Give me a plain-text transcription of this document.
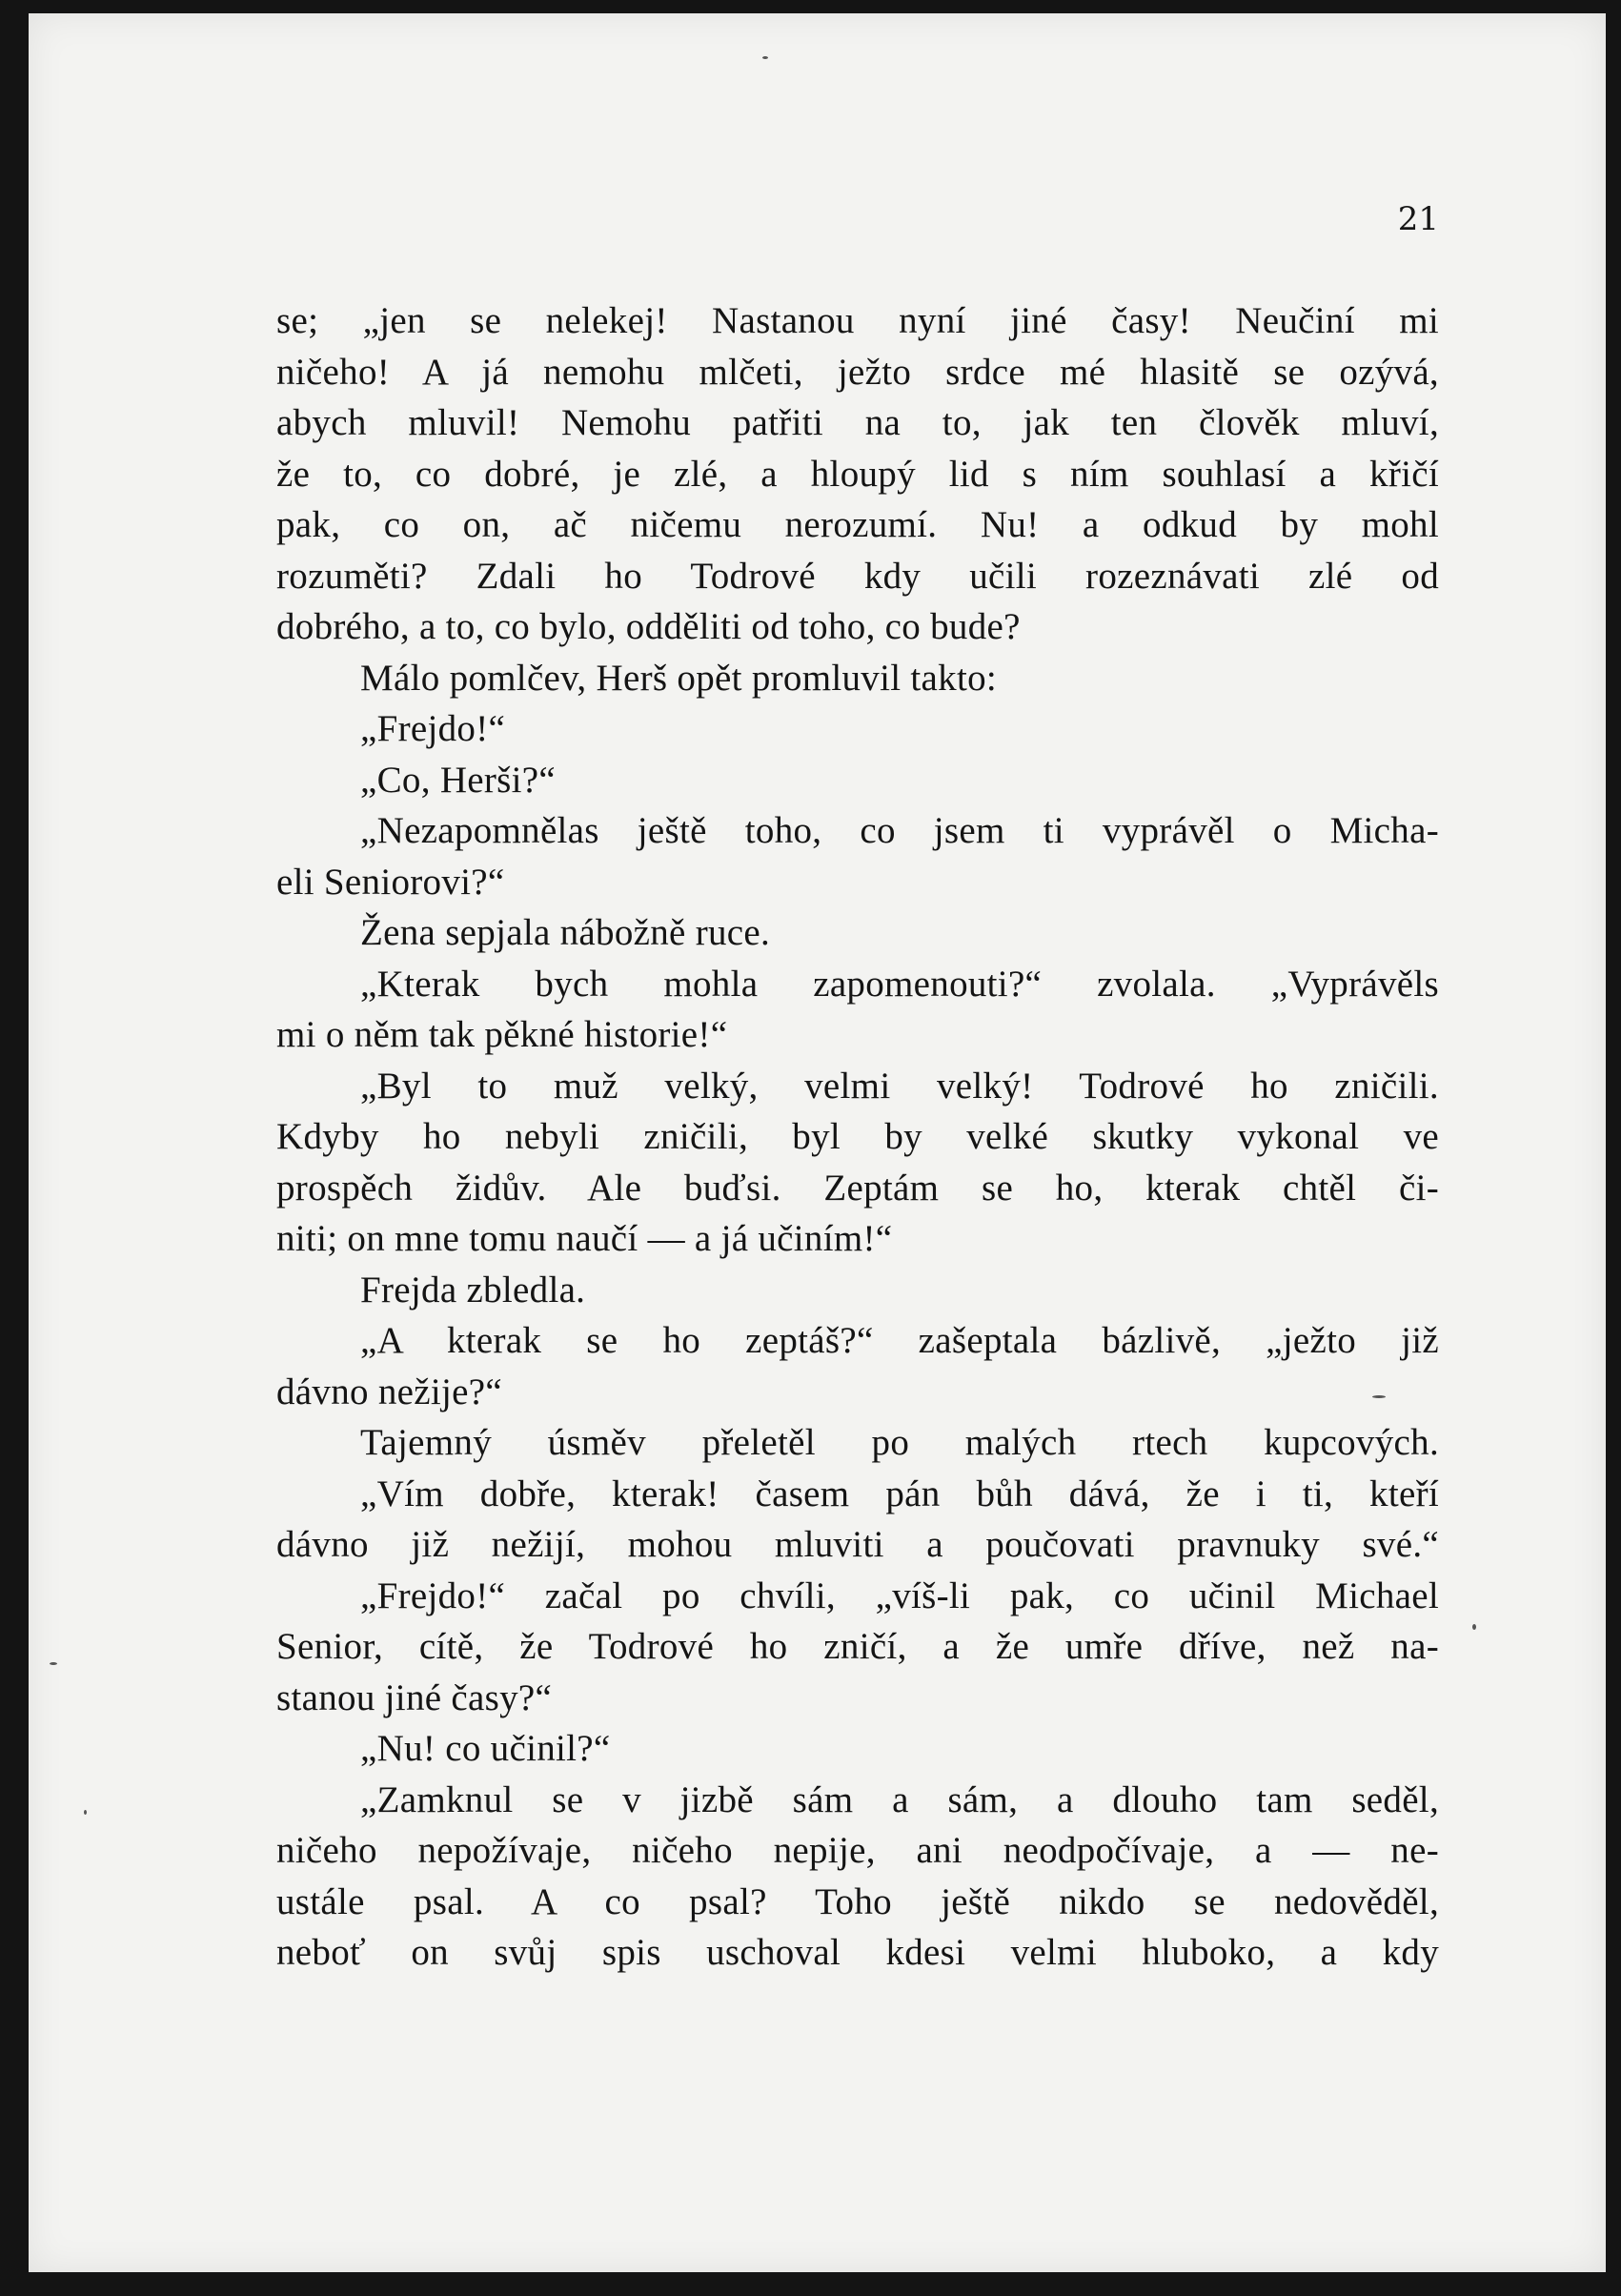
21
se; „jen se nelekej! Nastanou nyní jiné časy! Neučiní mi
ničeho! A já nemohu mlčeti, ježto srdce mé hlasitě se ozývá,
abych mluvil! Nemohu patřiti na to, jak ten člověk mluví,
že to, co dobré, je zlé, a hloupý lid s ním souhlasí a křičí
pak, co on, ač ničemu nerozumí. Nu! a odkud by mohl
rozuměti? Zdali ho Todrové kdy učili rozeznávati zlé od
dobrého, a to, co bylo, odděliti od toho, co bude?
Málo pomlčev, Herš opět promluvil takto:
„Frejdo!“
„Co, Herši?“
„Nezapomnělas ještě toho, co jsem ti vyprávěl o Micha-
eli Seniorovi?“
Žena sepjala nábožně ruce.
„Kterak bych mohla zapomenouti?“ zvolala. „Vyprávěls
mi o něm tak pěkné historie!“
„Byl to muž velký, velmi velký! Todrové ho zničili.
Kdyby ho nebyli zničili, byl by velké skutky vykonal ve
prospěch židův. Ale buďsi. Zeptám se ho, kterak chtěl či-
niti; on mne tomu naučí — a já učiním!“
Frejda zbledla.
„A kterak se ho zeptáš?“ zašeptala bázlivě, „ježto již
dávno nežije?“
Tajemný úsměv přeletěl po malých rtech kupcových.
„Vím dobře, kterak! časem pán bůh dává, že i ti, kteří
dávno již nežijí, mohou mluviti a poučovati pravnuky své.“
„Frejdo!“ začal po chvíli, „víš-li pak, co učinil Michael
Senior, cítě, že Todrové ho zničí, a že umře dříve, než na-
stanou jiné časy?“
„Nu! co učinil?“
„Zamknul se v jizbě sám a sám, a dlouho tam seděl,
ničeho nepožívaje, ničeho nepije, ani neodpočívaje, a — ne-
ustále psal. A co psal? Toho ještě nikdo se nedověděl,
neboť on svůj spis uschoval kdesi velmi hluboko, a kdy
